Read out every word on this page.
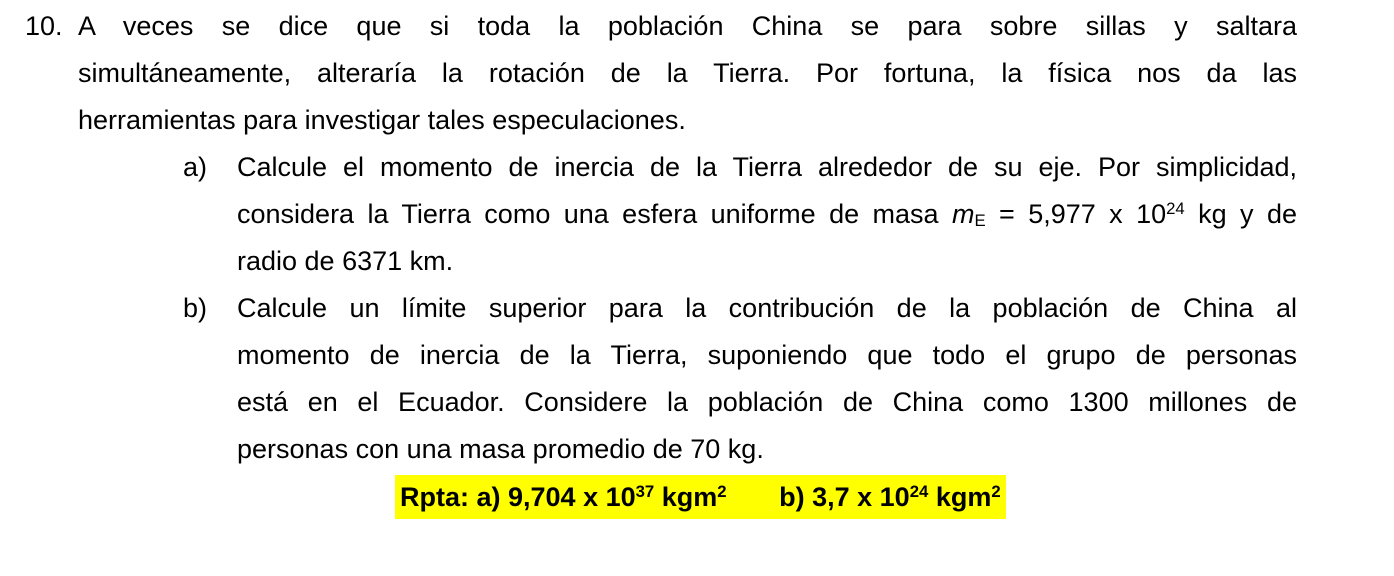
10. A veces se dice que si toda la población China se para sobre sillas y saltara
simultáneamente, alteraría la rotación de la Tierra. Por fortuna, la física nos da las
herramientas para investigar tales especulaciones.
a) Calcule el momento de inercia de la Tierra alrededor de su eje. Por simplicidad,
considera la Tierra como una esfera uniforme de masa mE = 5,977 x $10^{24}$ kg y de
radio de 6371 km.
b) Calcule un límite superior para la contribución de la población de China al
momento de inercia de la Tierra, suponiendo que todo el grupo de personas
está en el Ecuador. Considere la población de China como 1300 millones de
personas con una masa promedio de 70 kg.
Rpta: a) 9,704 x $10^{37}$ kgm$^2$       b) 3,7 x $10^{24}$ kgm$^2$
